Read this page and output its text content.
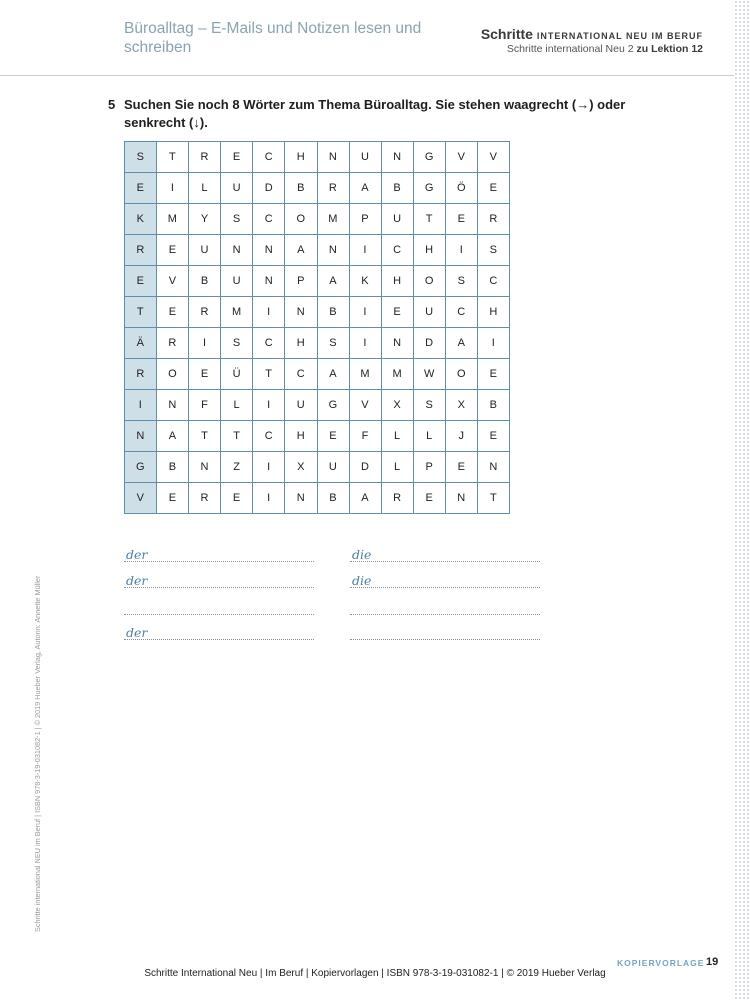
Büroalltag – E-Mails und Notizen lesen und schreiben
Schritte INTERNATIONAL NEU IM BERUF
Schritte international Neu 2 zu Lektion 12
5 Suchen Sie noch 8 Wörter zum Thema Büroalltag. Sie stehen waagrecht (→) oder senkrecht (↓).
S	T	R	E	C	H	N	U	N	G	V	V
E	I	L	U	D	B	R	A	B	G	Ö	E
K	M	Y	S	C	O	M	P	U	T	E	R
R	E	U	N	N	A	N	I	C	H	I	S
E	V	B	U	N	P	A	K	H	O	S	C
T	E	R	M	I	N	B	I	E	U	C	H
Ä	R	I	S	C	H	S	I	N	D	A	I
R	O	E	Ü	T	C	A	M	M	W	O	E
I	N	F	L	I	U	G	V	X	S	X	B
N	A	T	T	C	H	E	F	L	L	J	E
G	B	N	Z	I	X	U	D	L	P	E	N
V	E	R	E	I	N	B	A	R	E	N	T
der	die
der	die
der
Schritte international NEU im Beruf | ISBN 978-3-19-031082-1 | © 2019 Hueber Verlag, Autorin: Annette Müller
KOPIERVORLAGE 19
Schritte International Neu | Im Beruf | Kopiervorlagen | ISBN 978-3-19-031082-1 | © 2019 Hueber Verlag
